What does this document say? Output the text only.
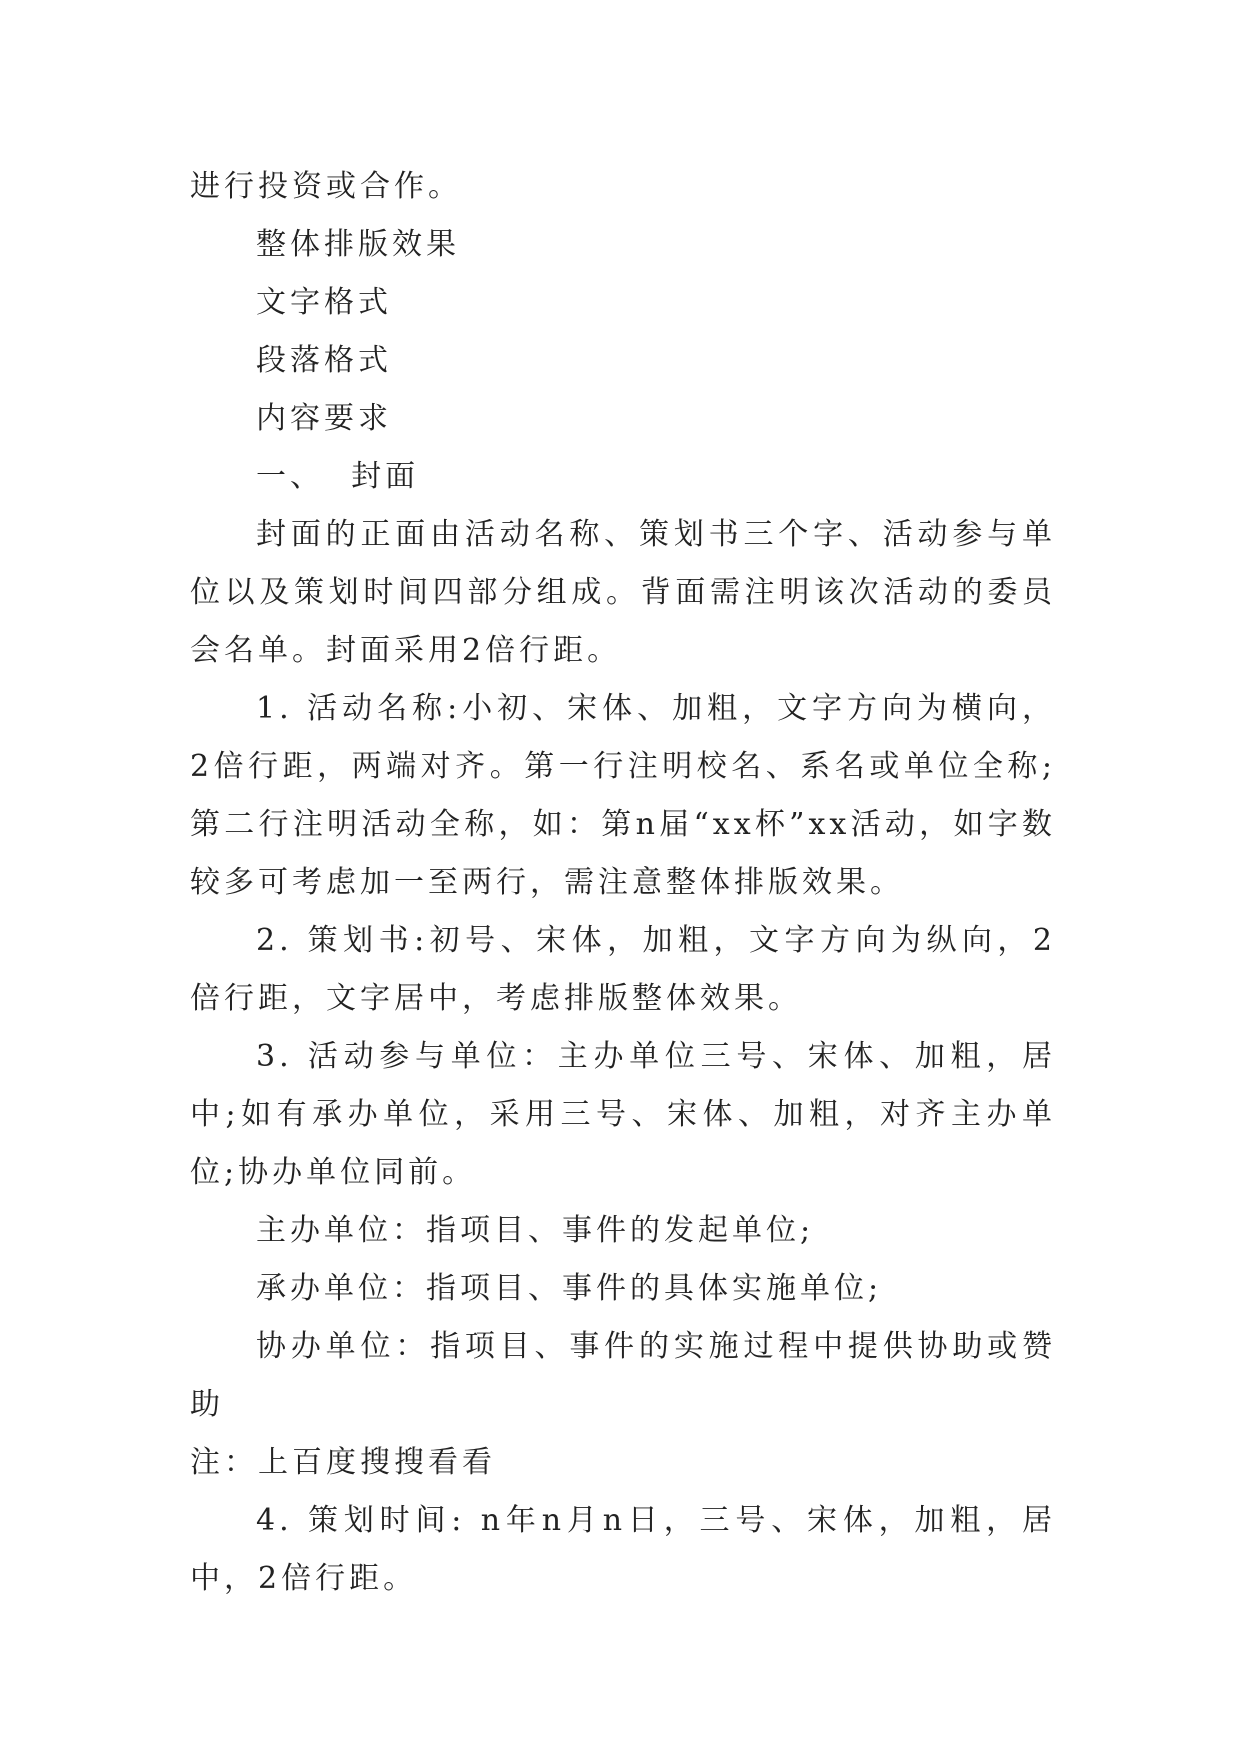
进行投资或合作。

整体排版效果

文字格式

段落格式

内容要求

一、  封面

封面的正面由活动名称、策划书三个字、活动参与单位以及策划时间四部分组成。背面需注明该次活动的委员会名单。封面采用2倍行距。

1. 活动名称:小初、宋体、加粗，文字方向为横向，2倍行距，两端对齐。第一行注明校名、系名或单位全称;第二行注明活动全称，如：第n届“xx杯”xx活动，如字数较多可考虑加一至两行，需注意整体排版效果。

2. 策划书:初号、宋体，加粗，文字方向为纵向，2倍行距，文字居中，考虑排版整体效果。

3. 活动参与单位：主办单位三号、宋体、加粗，居中;如有承办单位，采用三号、宋体、加粗，对齐主办单位;协办单位同前。

主办单位：指项目、事件的发起单位;

承办单位：指项目、事件的具体实施单位;

协办单位：指项目、事件的实施过程中提供协助或赞助

注：上百度搜搜看看

4. 策划时间: n年n月n日，三号、宋体，加粗，居中，2倍行距。
